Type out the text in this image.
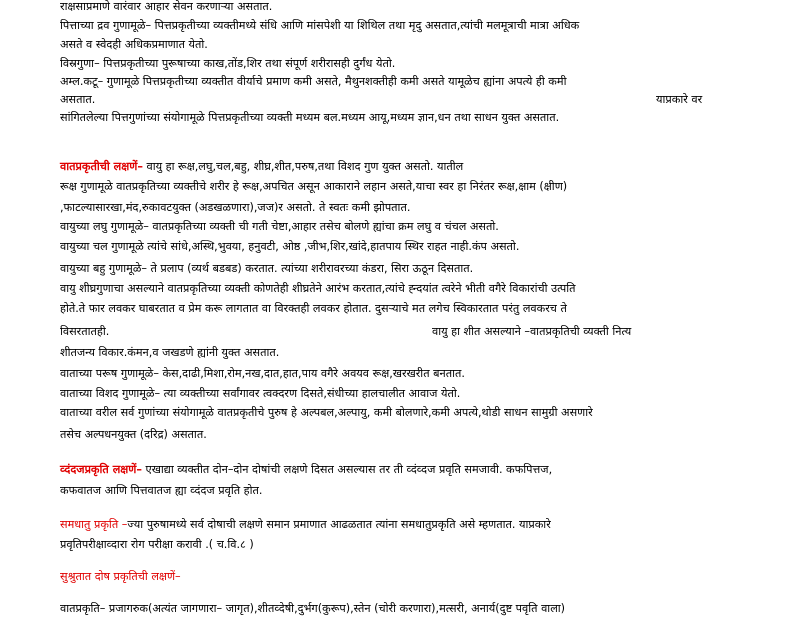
राक्षसाप्रमाणे वारंवार आहार सेवन करणाऱ्या असतात.
पित्ताच्या द्रव गुणामूळे– पित्तप्रकृतीच्या व्यक्तीमध्ये संधि आणि मांसपेशी या शिथिल तथा मृदु असतात,त्यांची मलमूत्राची मात्रा अधिक
असते व स्वेदही अधिकप्रमाणात येतो.
विस्रगुणा– पित्तप्रकृतीच्या पुरूषाच्या काख,तोंड,शिर तथा संपूर्ण शरीरासही दुर्गंध येतो.
अम्ल.कटू– गुणामूळे पित्तप्रकृतीच्या व्यक्तीत वीर्याचे प्रमाण कमी असते, मैथुनशक्तीही कमी असते यामूळेच ह्यांना अपत्ये ही कमी
असतात.	याप्रकारे वर
सांगितलेल्या पित्तगुणांच्या संयोगामूळे पित्तप्रकृतीच्या व्यक्ती मध्यम बल.मध्यम आयू,मध्यम ज्ञान,धन तथा साधन युक्त असतात.
वातप्रकृतीची लक्षणें– वायु हा रूक्ष,लघु,चल,बहु, शीघ्र,शीत,परुष,तथा विशद गुण युक्त असतो. यातील
रूक्ष गुणामूळे वातप्रकृतिच्या व्यक्तीचे शरीर हे रूक्ष,अपचित असून आकाराने लहान असते,याचा स्वर हा निरंतर रूक्ष,क्षाम (क्षीण)
,फाटल्यासारखा,मंद,रुकावटयुक्त (अडखळणारा),जज)र असतो. ते स्वतः कमी झोपतात.
वायुच्या लघु गुणामूळे– वातप्रकृतिच्या व्यक्ती ची गती चेष्टा,आहार तसेच बोलणे ह्यांचा क्रम लघु व चंचल असतो.
वायुच्या चल गुणामूळे त्यांचे सांधे,अस्थि,भुवया, हनुवटी, ओष्ठ ,जीभ,शिर,खांदे,हातपाय स्थिर राहत नाही.कंप असतो.
वायुच्या बहु गुणामूळे– ते प्रलाप (व्यर्थ बडबड) करतात. त्यांच्या शरीरावरच्या कंडरा, सिरा ऊठून दिसतात.
वायु शीघ्रगुणाचा असल्याने वातप्रकृतिच्या व्यक्ती कोणतेही शीघ्रतेने आरंभ करतात,त्यांचे ह्न्दयांत त्वरेने भीती वगैरे विकारांची उत्पति
होते.ते फार लवकर घाबरतात व प्रेम करू लागतात वा विरक्तही लवकर होतात. दुसऱ्याचे मत लगेच स्विकारतात परंतु लवकरच ते
विसरतातही.	वायु हा शीत असल्याने –वातप्रकृतिची व्यक्ती नित्य
शीतजन्य विकार.कंमन,व जखडणे ह्यांनी युक्त असतात.
वाताच्या परूष गुणामूळे– केस,दाढी,मिशा,रोम,नख,दात,हात,पाय वगैरे अवयव रूक्ष,खरखरीत बनतात.
वाताच्या विशद गुणामूळे– त्या व्यक्तीच्या सर्वांगावर त्वक्दरण दिसते,संधीच्या हालचालीत आवाज येतो.
वाताच्या वरील सर्व गुणांच्या संयोगामूळे वातप्रकृतीचे पुरुष हे अल्पबल,अल्पायु, कमी बोलणारे,कमी अपत्ये,थोडी साधन सामुग्री असणारे
तसेच अल्पधनयुक्त (दरिद्र) असतात.
व्दंदजप्रकृति लक्षणें– एखाद्या व्यक्तीत दोन–दोन दोषांची लक्षणे दिसत असल्यास तर ती व्दंव्दज प्रवृति समजावी. कफपित्तज,
कफवातज आणि पित्तवातज ह्या व्दंदज प्रवृति होत.
समधातु प्रकृति –ज्या पुरुषामध्ये सर्व दोषाची लक्षणे समान प्रमाणात आढळतात त्यांना समधातुप्रकृति असे म्हणतात. याप्रकारे
प्रवृतिपरीक्षाव्दारा रोग परीक्षा करावी .( च.वि.८ )
सुश्रुतात दोष प्रकृतिची लक्षणें–
वातप्रकृति– प्रजागरुक(अत्यंत जागणारा– जागृत),शीतव्देषी,दुर्भग(कुरूप),स्तेन (चोरी करणारा),मत्सरी, अनार्य(दुष्ट पवृति वाला)
